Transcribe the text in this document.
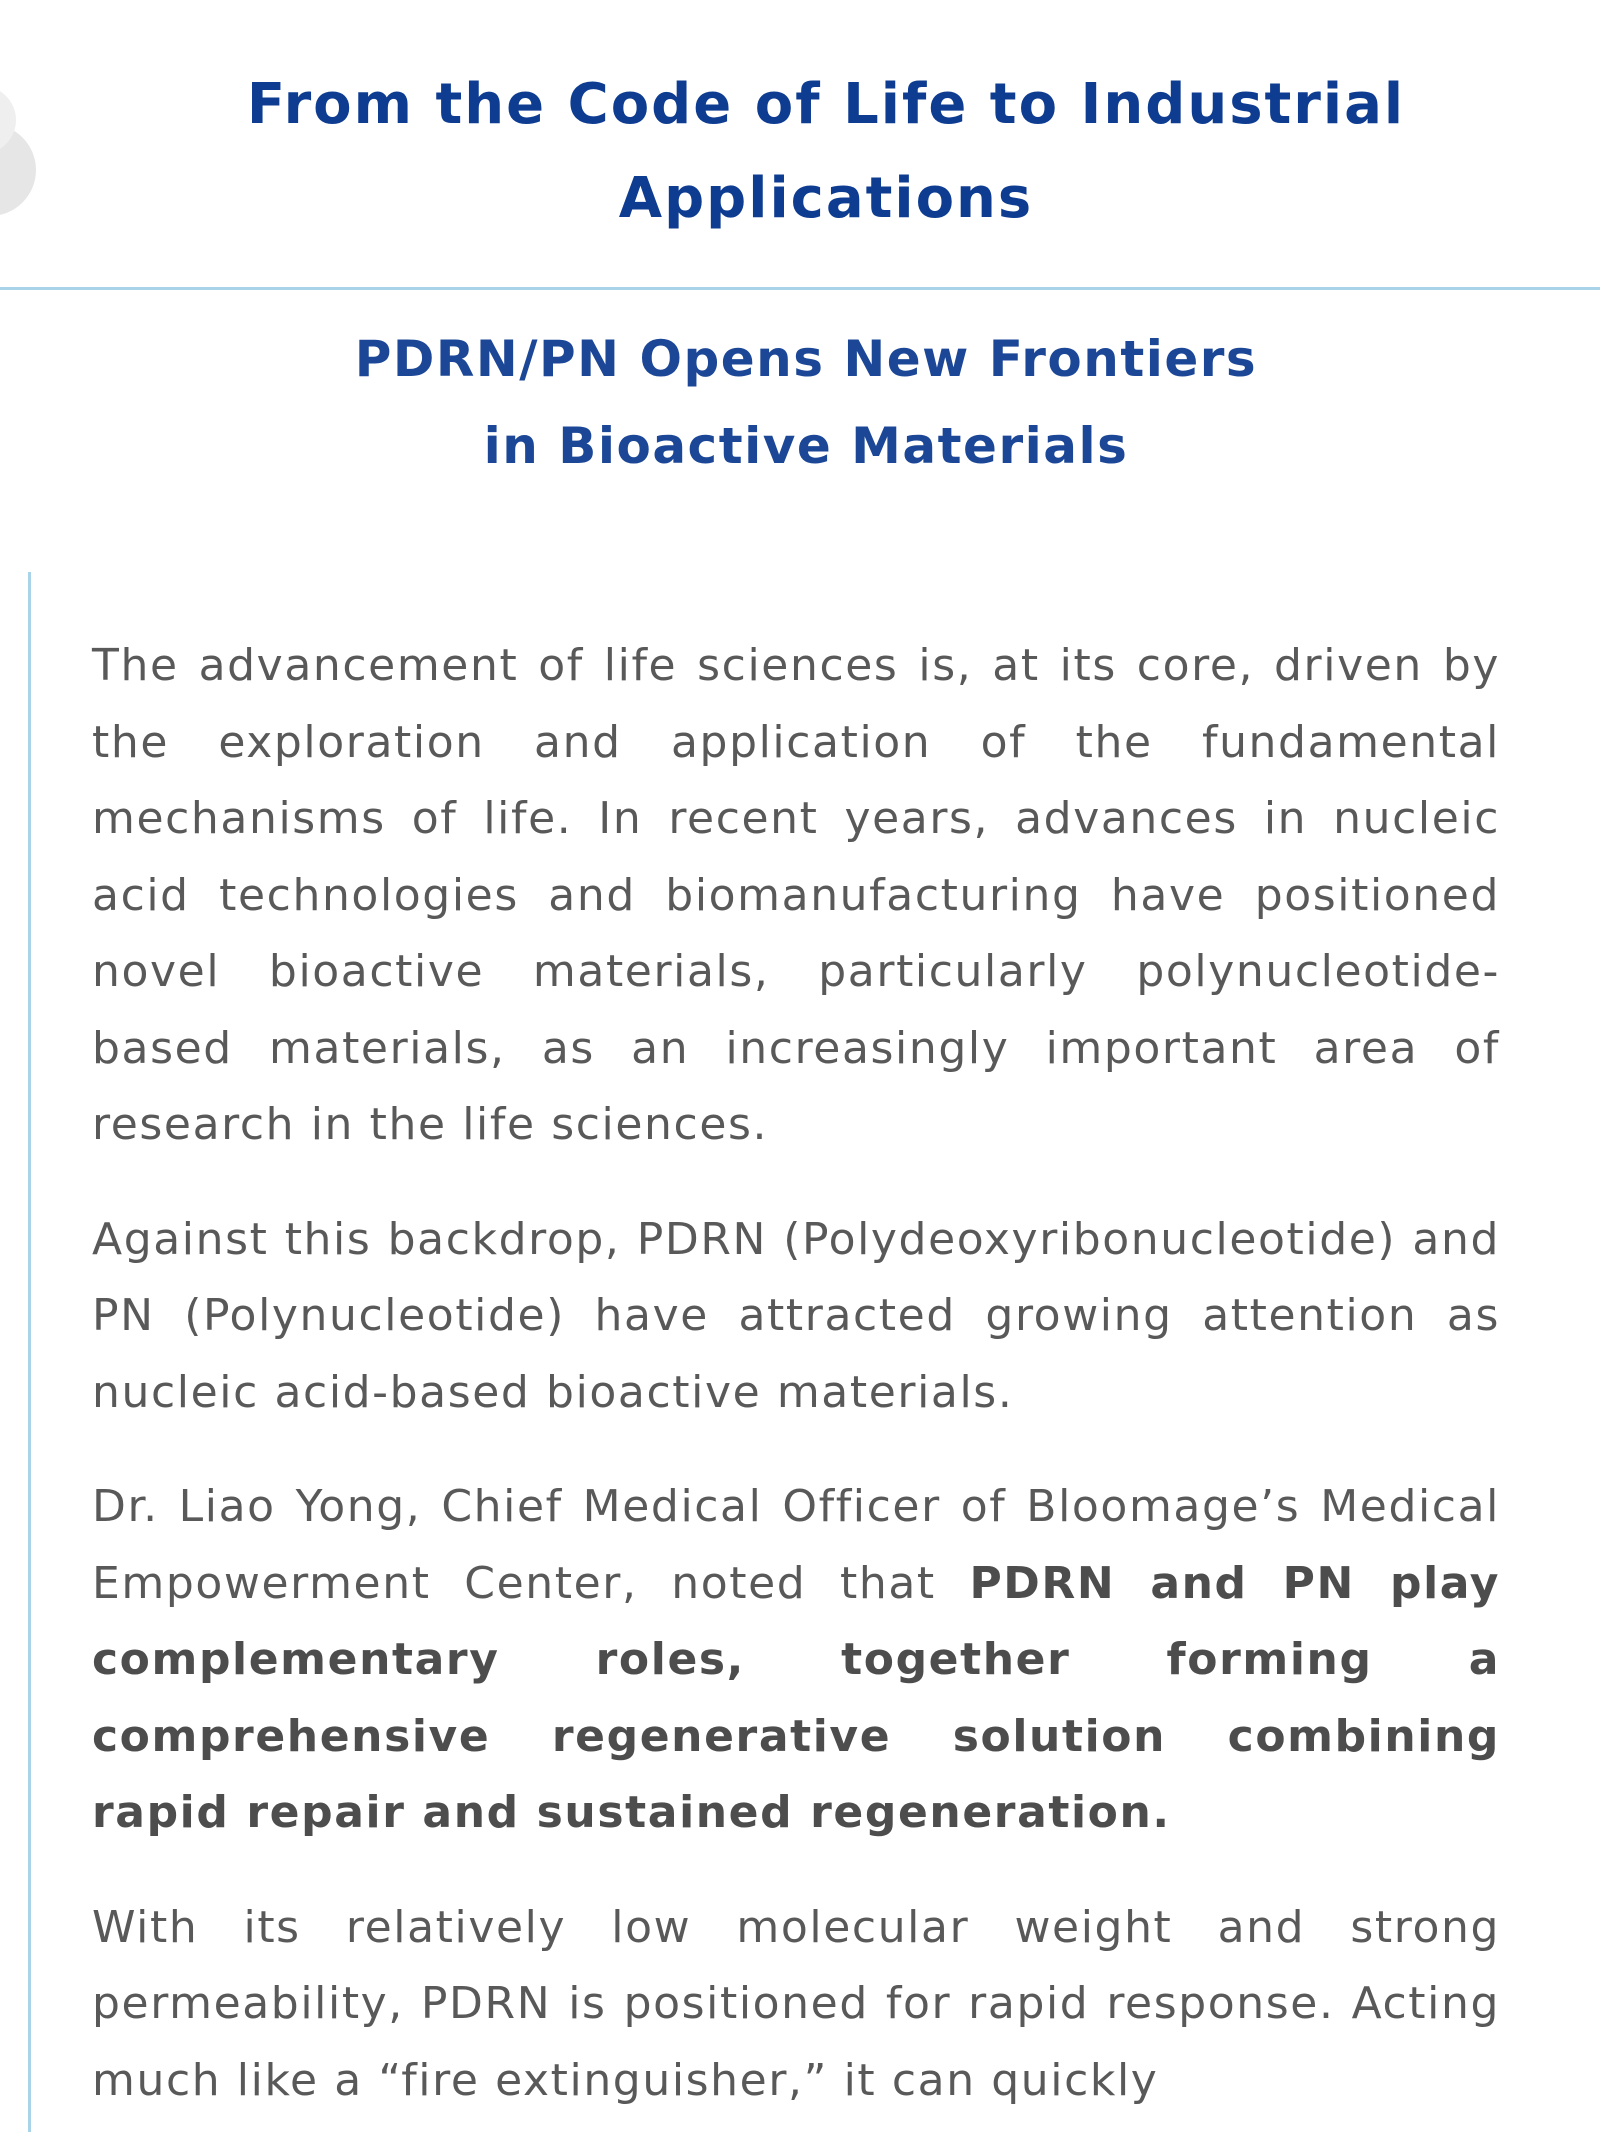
From the Code of Life to Industrial
Applications
PDRN/PN Opens New Frontiers
in Bioactive Materials

The advancement of life sciences is, at its core, driven by the exploration and application of the fundamental mechanisms of life. In recent years, advances in nucleic acid technologies and biomanufacturing have positioned novel bioactive materials, particularly polynucleotide-based materials, as an increasingly important area of research in the life sciences.

Against this backdrop, PDRN (Polydeoxyribonucleotide) and PN (Polynucleotide) have attracted growing attention as nucleic acid-based bioactive materials.

Dr. Liao Yong, Chief Medical Officer of Bloomage’s Medical Empowerment Center, noted that PDRN and PN play complementary roles, together forming a comprehensive regenerative solution combining rapid repair and sustained regeneration.

With its relatively low molecular weight and strong permeability, PDRN is positioned for rapid response. Acting much like a “fire extinguisher,” it can quickly
